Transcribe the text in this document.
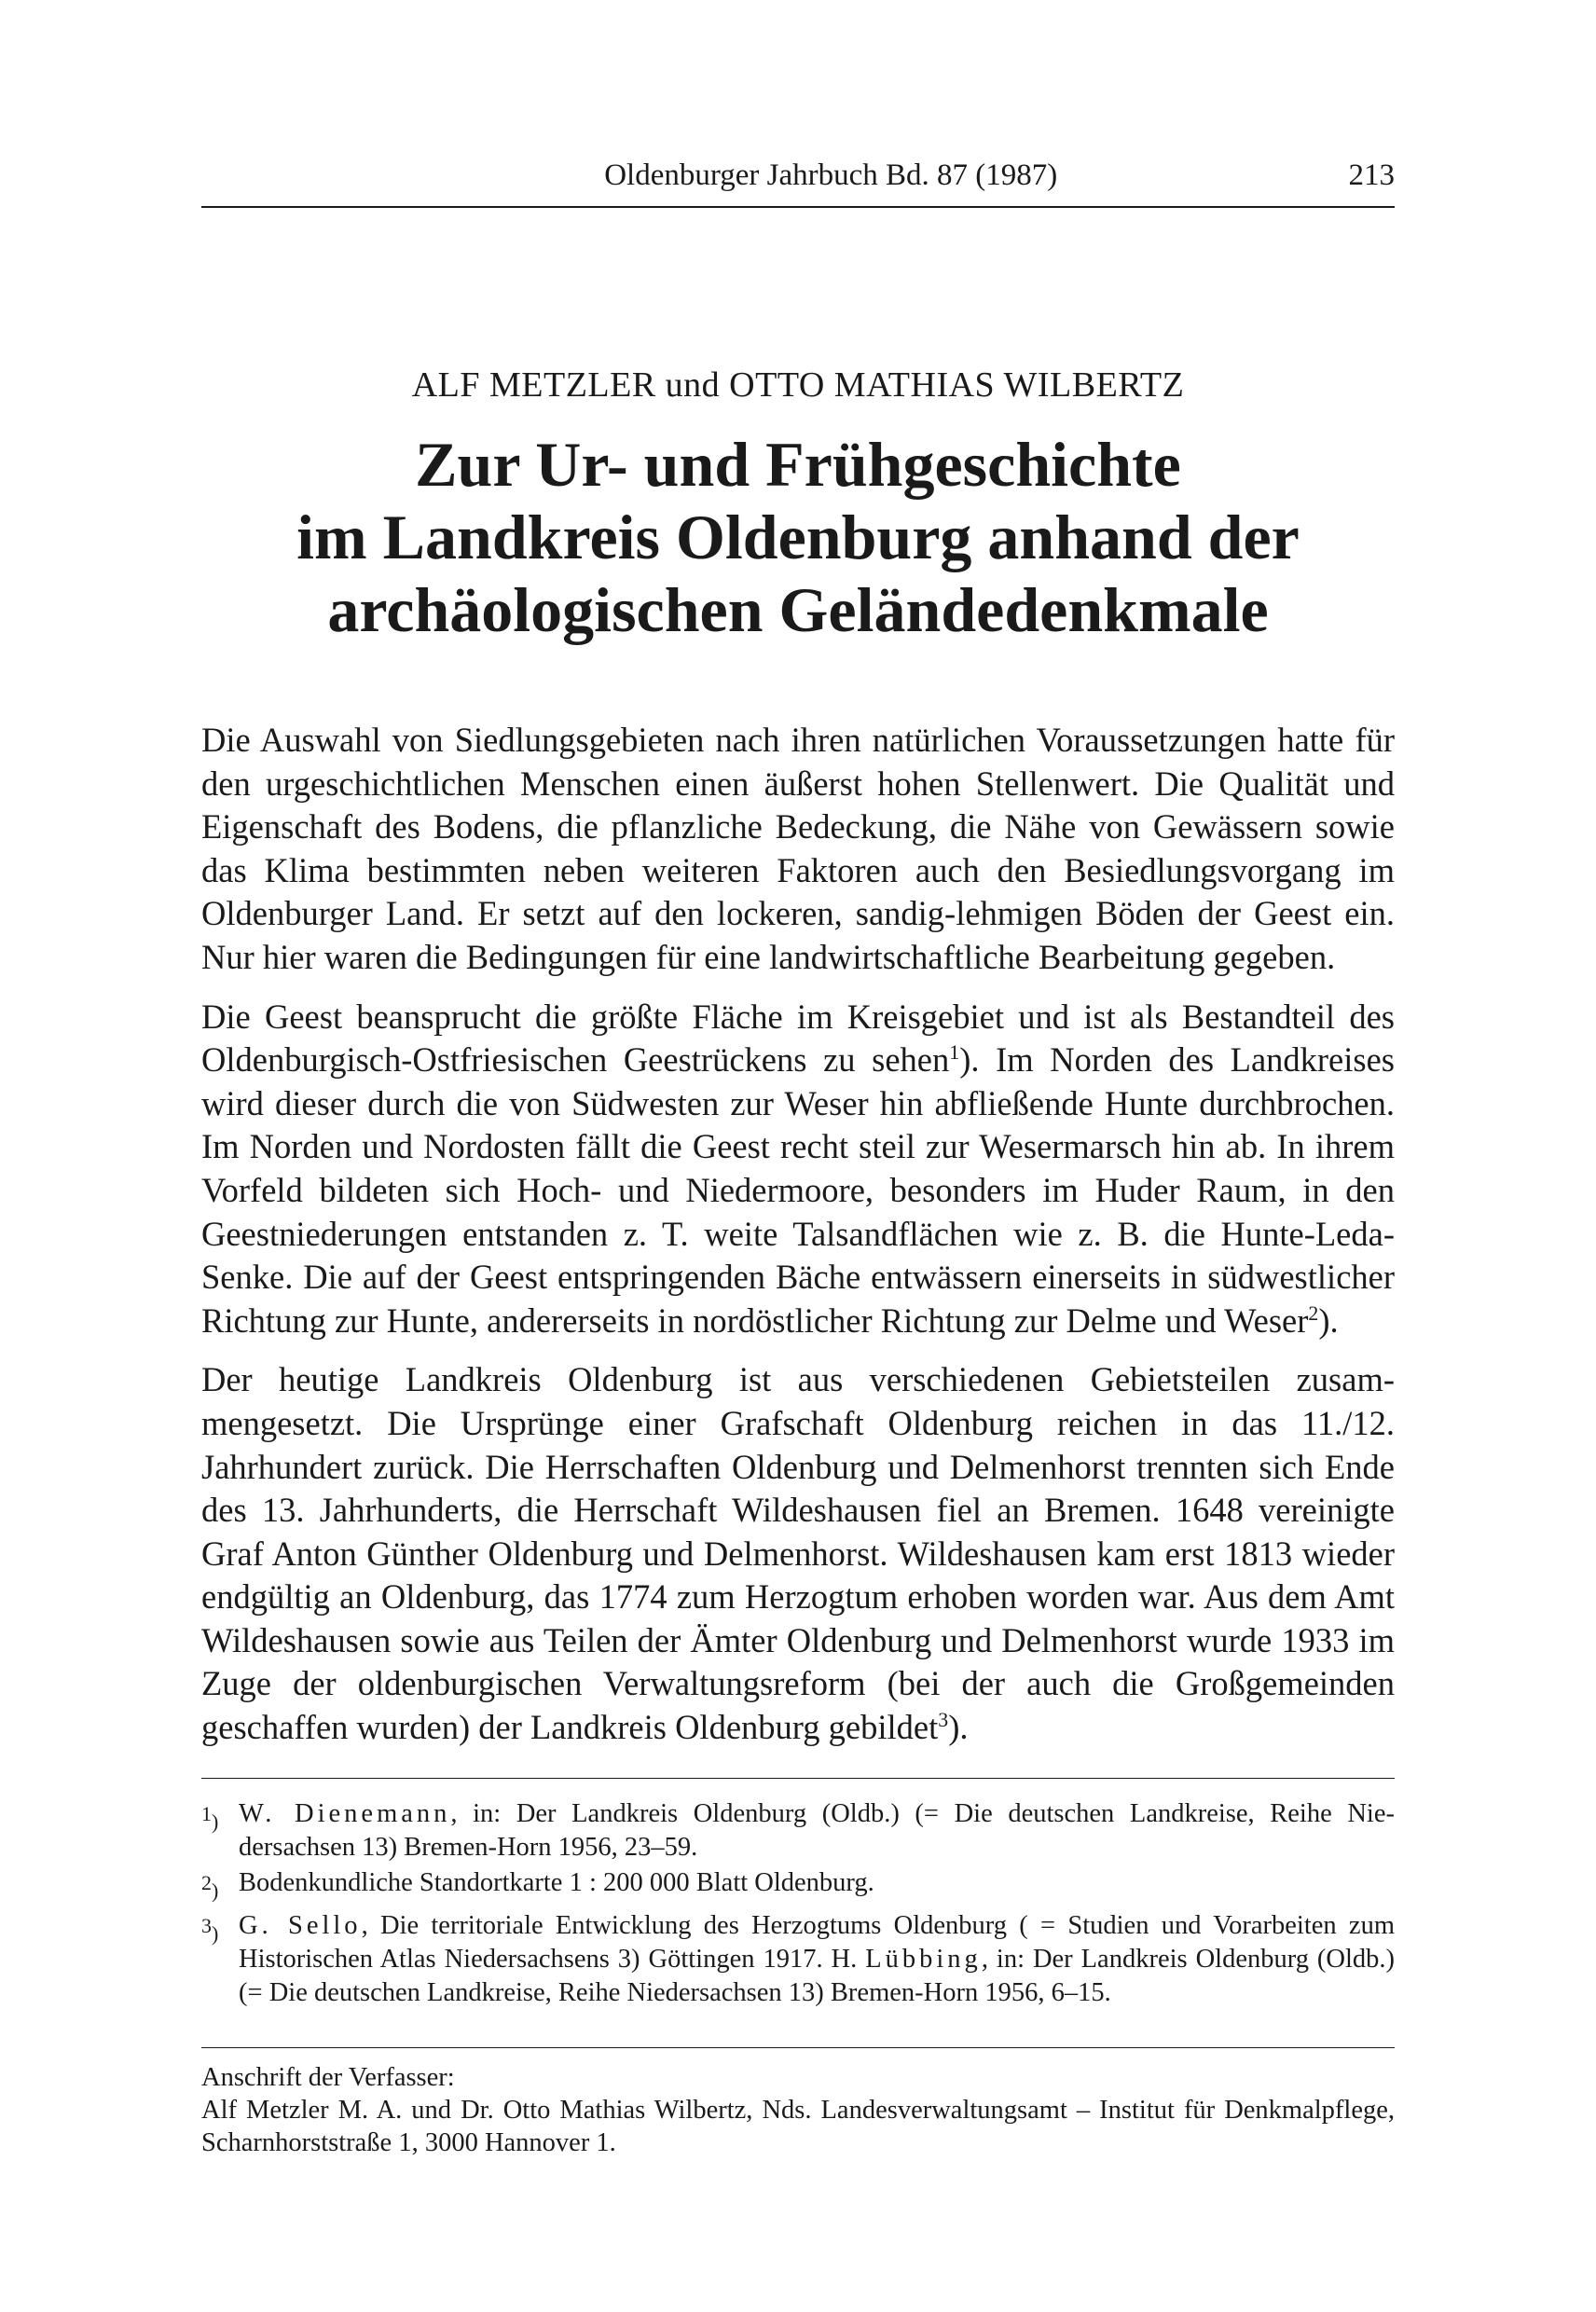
Oldenburger Jahrbuch Bd. 87 (1987)	213
ALF METZLER und OTTO MATHIAS WILBERTZ
Zur Ur- und Frühgeschichte
im Landkreis Oldenburg anhand der
archäologischen Geländedenkmale

Die Auswahl von Siedlungsgebieten nach ihren natürlichen Voraussetzungen hatte für den urgeschichtlichen Menschen einen äußerst hohen Stellenwert. Die Qualität und Eigenschaft des Bodens, die pflanzliche Bedeckung, die Nähe von Gewässern sowie das Klima bestimmten neben weiteren Faktoren auch den Besiedlungsvorgang im Oldenburger Land. Er setzt auf den lockeren, sandig-lehmigen Böden der Geest ein. Nur hier waren die Bedingungen für eine landwirtschaftliche Bearbeitung gegeben.

Die Geest beansprucht die größte Fläche im Kreisgebiet und ist als Bestandteil des Oldenburgisch-Ostfriesischen Geestrückens zu sehen$^1$). Im Norden des Landkreises wird dieser durch die von Südwesten zur Weser hin abfließende Hunte durchbrochen. Im Norden und Nordosten fällt die Geest recht steil zur Wesermarsch hin ab. In ihrem Vorfeld bildeten sich Hoch- und Niedermoore, besonders im Huder Raum, in den Geestniederungen entstanden z. T. weite Talsandflächen wie z. B. die Hunte-Leda-Senke. Die auf der Geest entspringenden Bäche entwässern einerseits in südwestlicher Richtung zur Hunte, andererseits in nordöstlicher Richtung zur Delme und Weser$^2$).

Der heutige Landkreis Oldenburg ist aus verschiedenen Gebietsteilen zusammengesetzt. Die Ursprünge einer Grafschaft Oldenburg reichen in das 11./12. Jahrhundert zurück. Die Herrschaften Oldenburg und Delmenhorst trennten sich Ende des 13. Jahrhunderts, die Herrschaft Wildeshausen fiel an Bremen. 1648 vereinigte Graf Anton Günther Oldenburg und Delmenhorst. Wildeshausen kam erst 1813 wieder endgültig an Oldenburg, das 1774 zum Herzogtum erhoben worden war. Aus dem Amt Wildeshausen sowie aus Teilen der Ämter Oldenburg und Delmenhorst wurde 1933 im Zuge der oldenburgischen Verwaltungsreform (bei der auch die Großgemeinden geschaffen wurden) der Landkreis Oldenburg gebildet$^3$).

1) W. Dienemann, in: Der Landkreis Oldenburg (Oldb.) (= Die deutschen Landkreise, Reihe Niedersachsen 13) Bremen-Horn 1956, 23–59.
2) Bodenkundliche Standortkarte 1 : 200 000 Blatt Oldenburg.
3) G. Sello, Die territoriale Entwicklung des Herzogtums Oldenburg ( = Studien und Vorarbeiten zum Historischen Atlas Niedersachsens 3) Göttingen 1917. H. Lübbing, in: Der Landkreis Oldenburg (Oldb.) (= Die deutschen Landkreise, Reihe Niedersachsen 13) Bremen-Horn 1956, 6–15.
Anschrift der Verfasser:
Alf Metzler M. A. und Dr. Otto Mathias Wilbertz, Nds. Landesverwaltungsamt – Institut für Denkmalpflege, Scharnhorststraße 1, 3000 Hannover 1.
